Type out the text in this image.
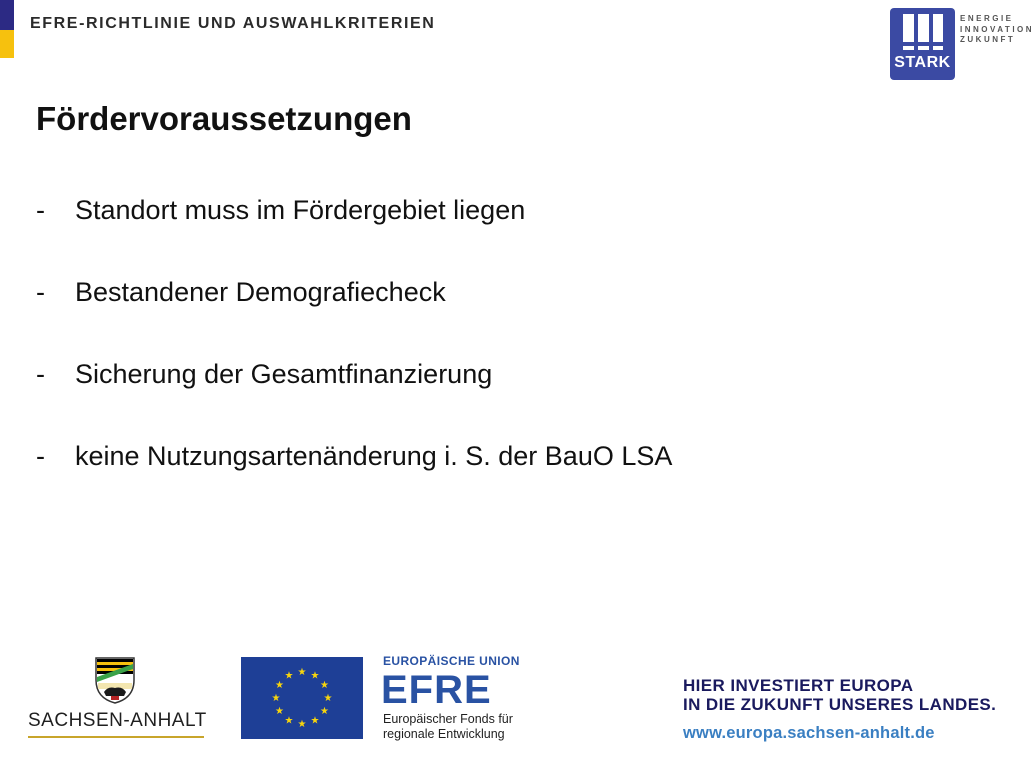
EFRE-RICHTLINIE UND AUSWAHLKRITERIEN
STARK
ENERGIE
INNOVATION
ZUKUNFT
Fördervoraussetzungen
- Standort muss im Fördergebiet liegen
- Bestandener Demografiecheck
- Sicherung der Gesamtfinanzierung
- keine Nutzungsartenänderung i. S. der BauO LSA
SACHSEN-ANHALT
★ ★
★
★
★
★
★
★
★
★
★
★
EUROPÄISCHE UNION
EFRE
Europäischer Fonds für
regionale Entwicklung
HIER INVESTIERT EUROPA
IN DIE ZUKUNFT UNSERES LANDES.
www.europa.sachsen-anhalt.de
